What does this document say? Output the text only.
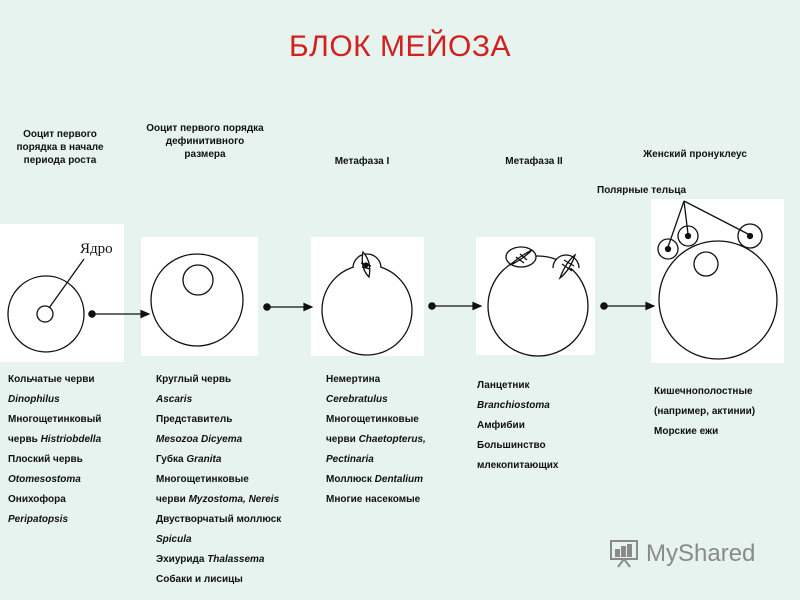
БЛОК МЕЙОЗА
Ооцит первого порядка в начале периода роста
Ооцит первого порядка дефинитивного размера
Метафаза I	Метафаза II
Женский пронуклеус
Полярные тельца
Ядро
Кольчатые черви
Dinophilus
Многощетинковый
червь Histriobdella
Плоский червь
Otomesostoma
Онихофора
Peripatopsis
Круглый червь
Ascaris
Представитель
Mesozoa Dicyema
Губка Granita
Многощетинковые
черви Myzostoma, Nereis
Двустворчатый моллюск
Spicula
Эхиурида Thalassema
Собаки и лисицы
Немертина
Cerebratulus
Многощетинковые
черви Chaetopterus,
Pectinaria
Моллюск Dentalium
Многие насекомые
Ланцетник
Branchiostoma
Амфибии
Большинство
млекопитающих
Кишечнополостные
(например, актинии)
Морские ежи
MyShared
